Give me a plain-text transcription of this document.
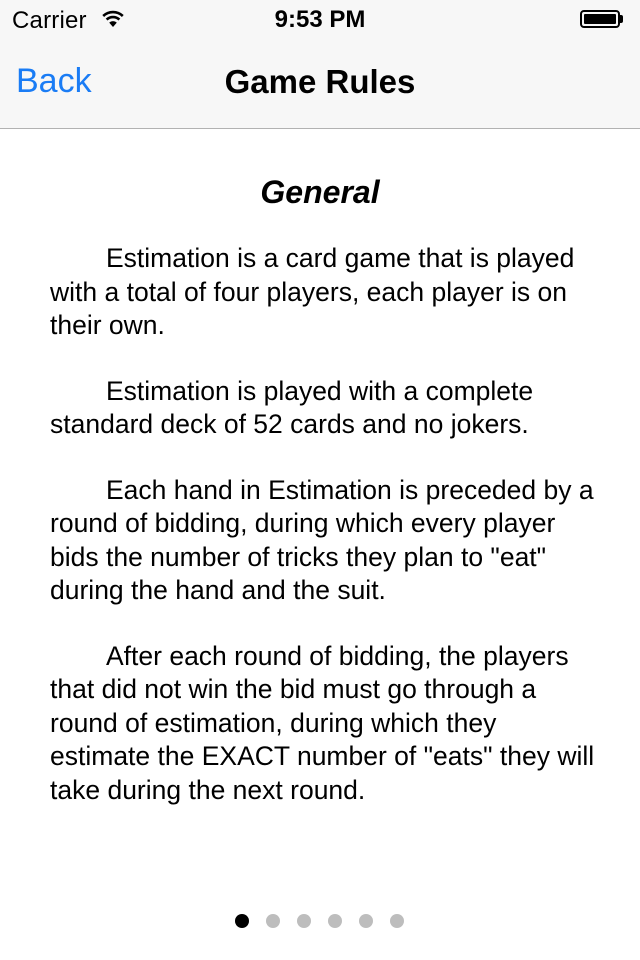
Carrier	9:53 PM
Back	Game Rules
General

Estimation is a card game that is played with a total of four players, each player is on their own.

Estimation is played with a complete standard deck of 52 cards and no jokers.

Each hand in Estimation is preceded by a round of bidding, during which every player bids the number of tricks they plan to "eat" during the hand and the suit.

After each round of bidding, the players that did not win the bid must go through a round of estimation, during which they estimate the EXACT number of "eats" they will take during the next round.
